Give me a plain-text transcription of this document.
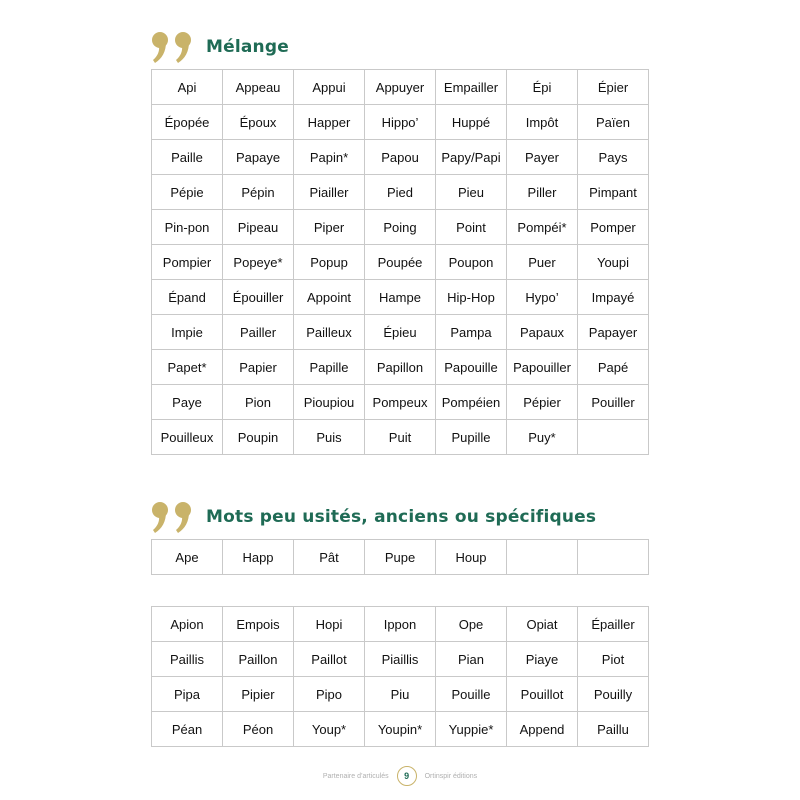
Mélange
Api	Appeau	Appui	Appuyer	Empailler	Épi	Épier
Épopée	Époux	Happer	Hippo’	Huppé	Impôt	Païen
Paille	Papaye	Papin*	Papou	Papy/Papi	Payer	Pays
Pépie	Pépin	Piailler	Pied	Pieu	Piller	Pimpant
Pin-pon	Pipeau	Piper	Poing	Point	Pompéi*	Pomper
Pompier	Popeye*	Popup	Poupée	Poupon	Puer	Youpi
Épand	Épouiller	Appoint	Hampe	Hip-Hop	Hypo’	Impayé
Impie	Pailler	Pailleux	Épieu	Pampa	Papaux	Papayer
Papet*	Papier	Papille	Papillon	Papouille	Papouiller	Papé
Paye	Pion	Pioupiou	Pompeux	Pompéien	Pépier	Pouiller
Pouilleux	Poupin	Puis	Puit	Pupille	Puy*	
Mots peu usités, anciens ou spécifiques
Ape	Happ	Pât	Pupe	Houp		
Apion	Empois	Hopi	Ippon	Ope	Opiat	Épailler
Paillis	Paillon	Paillot	Piaillis	Pian	Piaye	Piot
Pipa	Pipier	Pipo	Piu	Pouille	Pouillot	Pouilly
Péan	Péon	Youp*	Youpin*	Yuppie*	Append	Paillu
Partenaire d’articulés	9	Ortinspir éditions
